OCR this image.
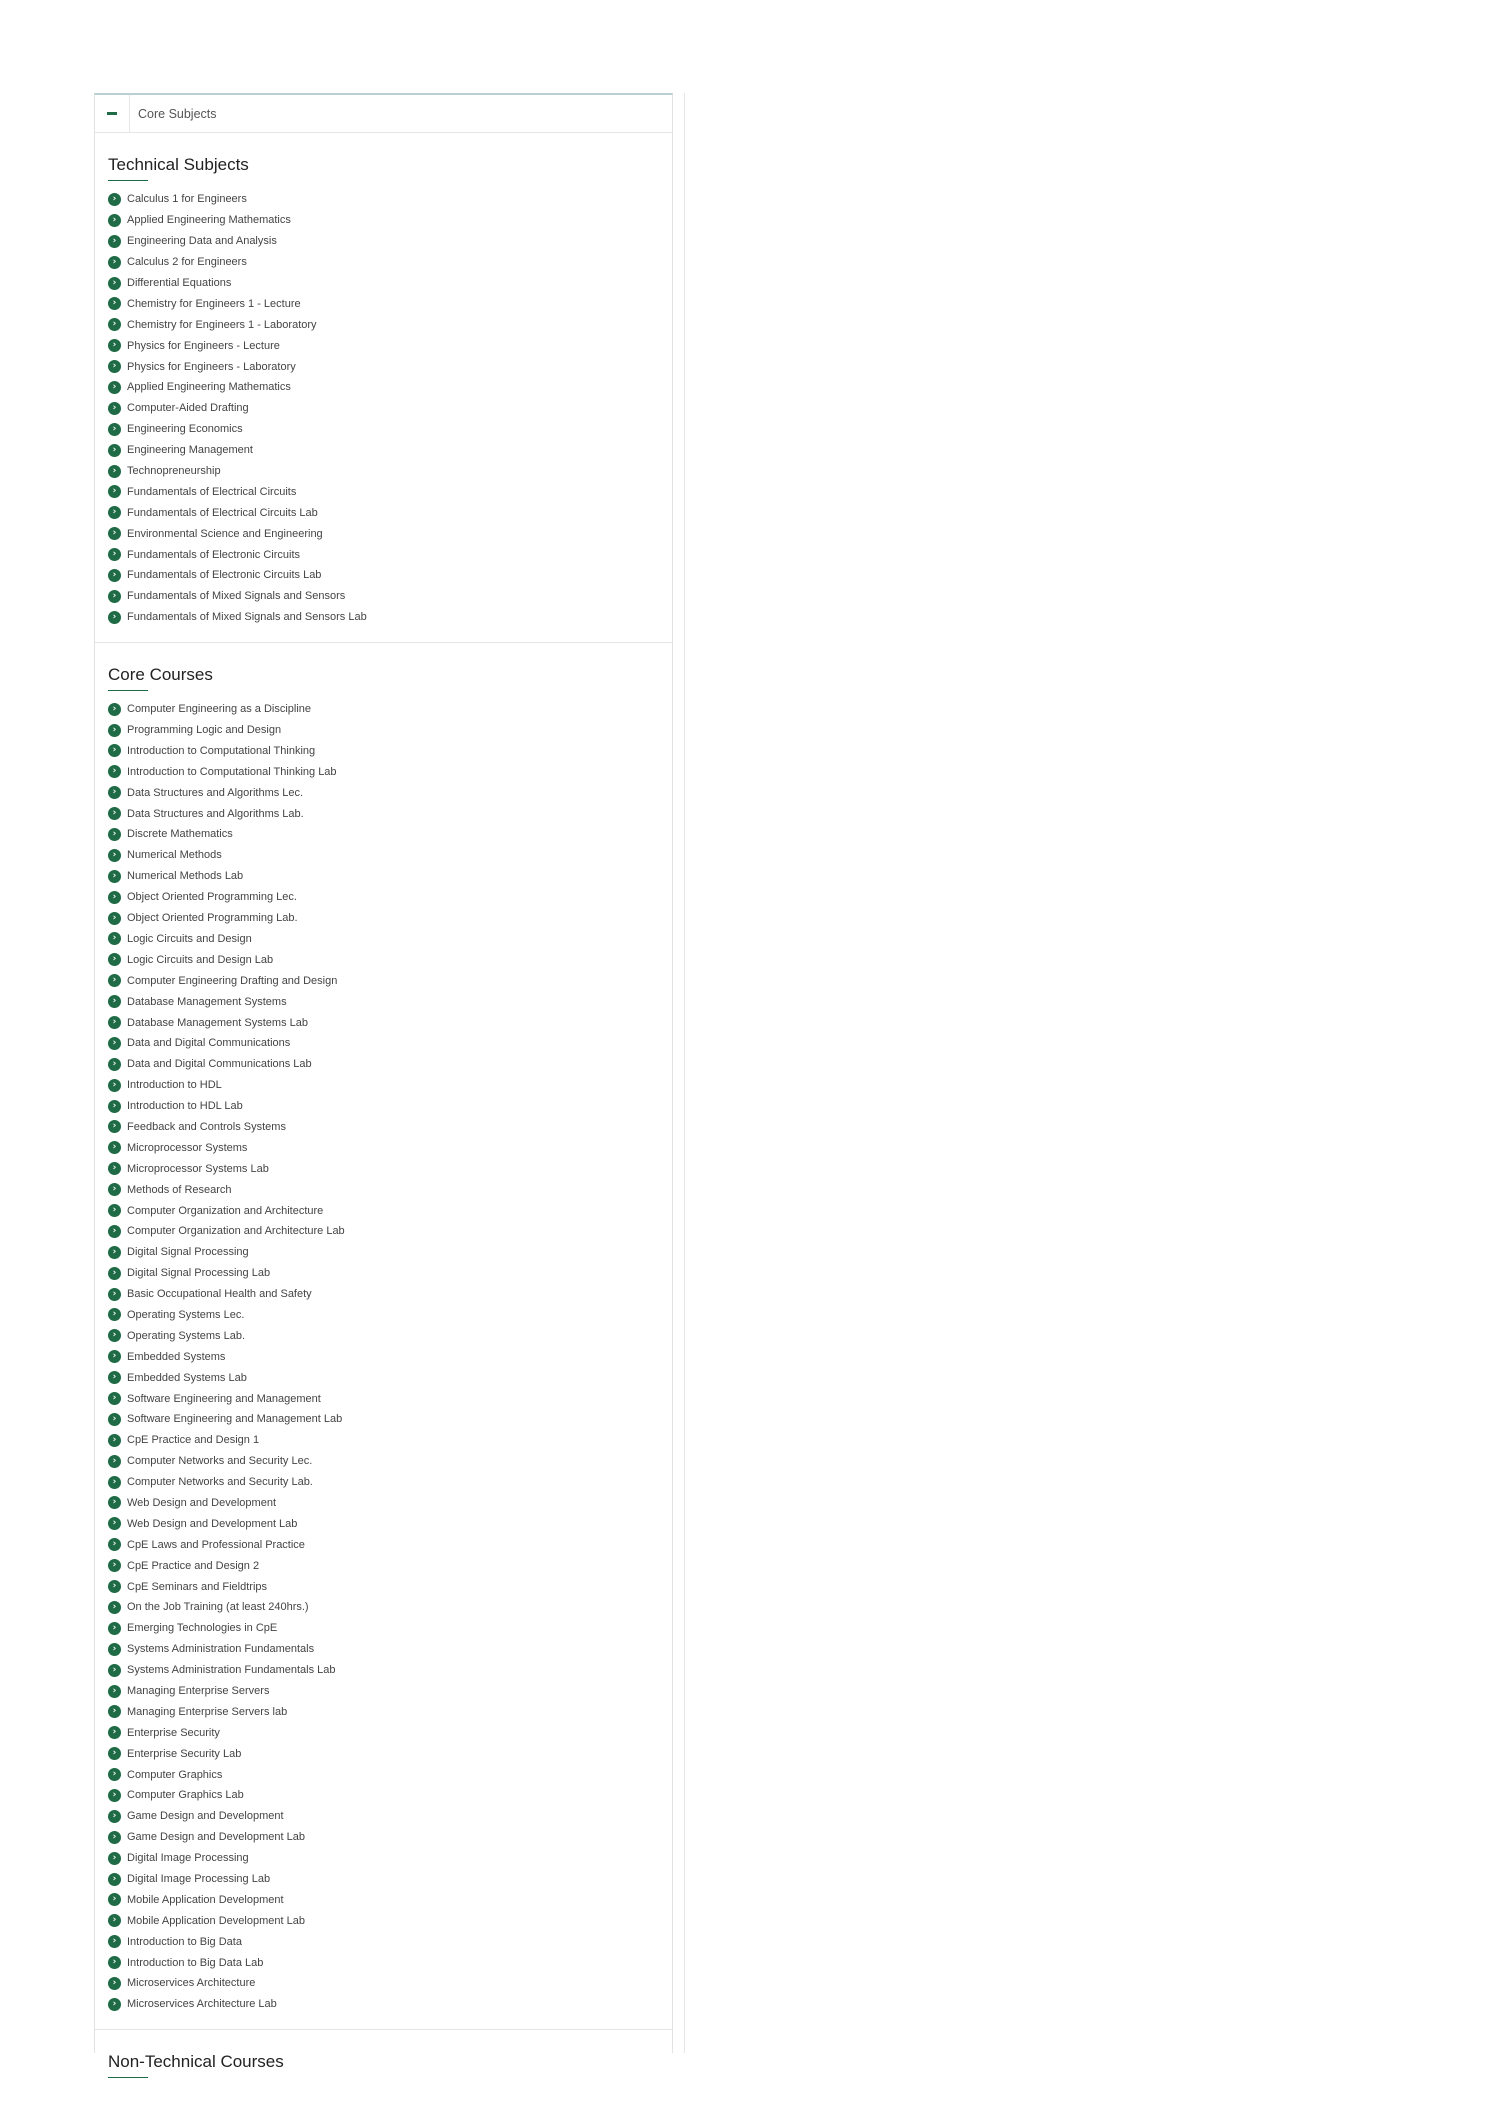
Core Subjects
Technical Subjects
› Calculus 1 for Engineers
› Applied Engineering Mathematics
› Engineering Data and Analysis
› Calculus 2 for Engineers
› Differential Equations
› Chemistry for Engineers 1 - Lecture
› Chemistry for Engineers 1 - Laboratory
› Physics for Engineers - Lecture
› Physics for Engineers - Laboratory
› Applied Engineering Mathematics
› Computer-Aided Drafting
› Engineering Economics
› Engineering Management
› Technopreneurship
› Fundamentals of Electrical Circuits
› Fundamentals of Electrical Circuits Lab
› Environmental Science and Engineering
› Fundamentals of Electronic Circuits
› Fundamentals of Electronic Circuits Lab
› Fundamentals of Mixed Signals and Sensors
› Fundamentals of Mixed Signals and Sensors Lab
Core Courses
› Computer Engineering as a Discipline
› Programming Logic and Design
› Introduction to Computational Thinking
› Introduction to Computational Thinking Lab
› Data Structures and Algorithms Lec.
› Data Structures and Algorithms Lab.
› Discrete Mathematics
› Numerical Methods
› Numerical Methods Lab
› Object Oriented Programming Lec.
› Object Oriented Programming Lab.
› Logic Circuits and Design
› Logic Circuits and Design Lab
› Computer Engineering Drafting and Design
› Database Management Systems
› Database Management Systems Lab
› Data and Digital Communications
› Data and Digital Communications Lab
› Introduction to HDL
› Introduction to HDL Lab
› Feedback and Controls Systems
› Microprocessor Systems
› Microprocessor Systems Lab
› Methods of Research
› Computer Organization and Architecture
› Computer Organization and Architecture Lab
› Digital Signal Processing
› Digital Signal Processing Lab
› Basic Occupational Health and Safety
› Operating Systems Lec.
› Operating Systems Lab.
› Embedded Systems
› Embedded Systems Lab
› Software Engineering and Management
› Software Engineering and Management Lab
› CpE Practice and Design 1
› Computer Networks and Security Lec.
› Computer Networks and Security Lab.
› Web Design and Development
› Web Design and Development Lab
› CpE Laws and Professional Practice
› CpE Practice and Design 2
› CpE Seminars and Fieldtrips
› On the Job Training (at least 240hrs.)
› Emerging Technologies in CpE
› Systems Administration Fundamentals
› Systems Administration Fundamentals Lab
› Managing Enterprise Servers
› Managing Enterprise Servers lab
› Enterprise Security
› Enterprise Security Lab
› Computer Graphics
› Computer Graphics Lab
› Game Design and Development
› Game Design and Development Lab
› Digital Image Processing
› Digital Image Processing Lab
› Mobile Application Development
› Mobile Application Development Lab
› Introduction to Big Data
› Introduction to Big Data Lab
› Microservices Architecture
› Microservices Architecture Lab
Non-Technical Courses
